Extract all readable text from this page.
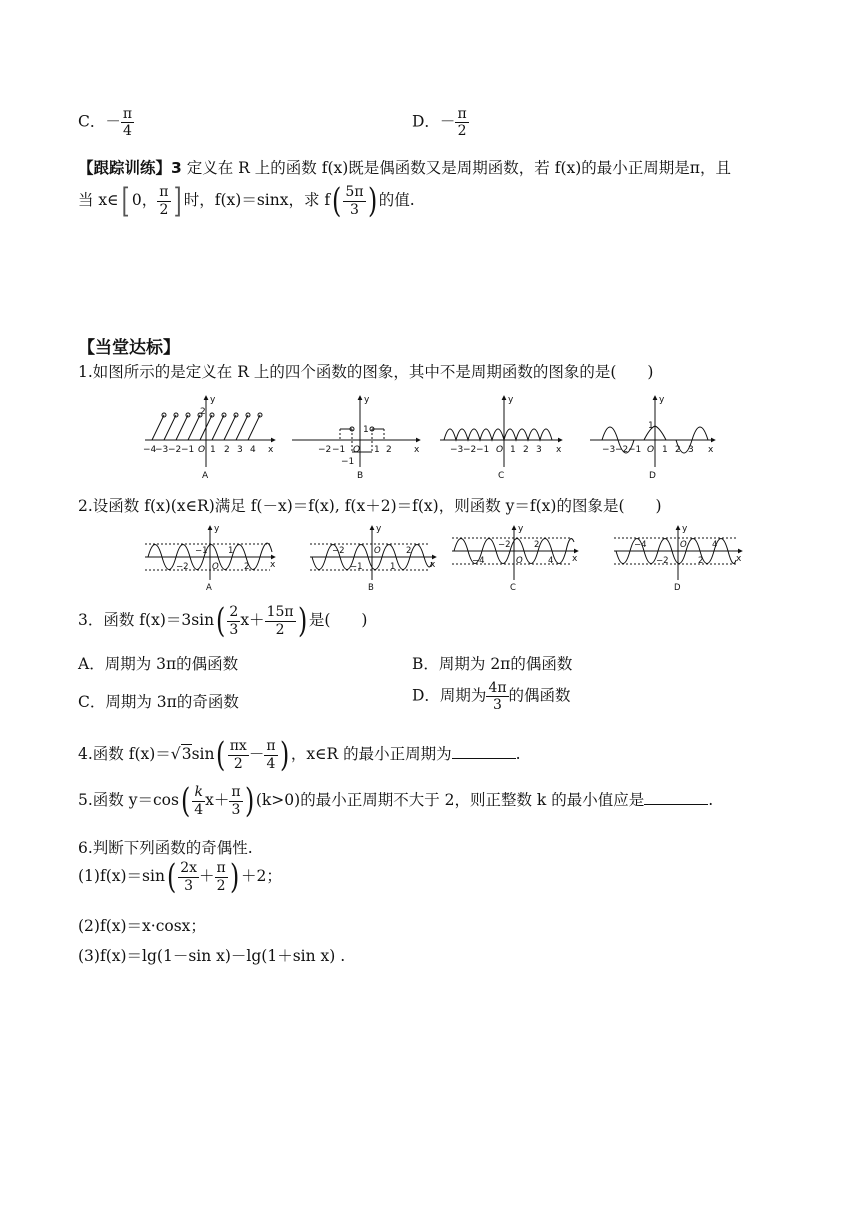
C．－ $\frac{\pi}{4}$	D．－ $\frac{\pi}{2}$
【跟踪训练】3 定义在 R 上的函数 f(x)既是偶函数又是周期函数，若 f(x)的最小正周期是π，且
当 x∈[ 0， $\frac{\pi}{2}$ ] 时，f(x)＝sinx，求 $f( \frac{5\pi}{3}$ ) 的值.
【当堂达标】
1.如图所示的是定义在 R 上的四个函数的图象，其中不是周期函数的图象的是(　　)
x
y
2
−4
−3 −2 −1 O 1 2 3 4
A
x
y
1
−1
−2 −1 O 1 2
B
x
y
−3 −2 −1 O 1 2 3
C
x
y
1
−3 −2 −1 O 1 2 3
D
2.设函数 f(x)(x∈R)满足 f(－x)＝f(x), f(x＋2)＝f(x)，则函数 y＝f(x)的图象是(　　)
x
y
−2
−1
O
1
2
A
x
y
−2
−1
O
1
2
B
x
y
−4
−2
O
2
4
C
x
y
−4
−2
O
2
4
D
3．函数 $f(x)=3\sin( \frac{2}{3} x+ \frac{15\pi}{2}$ ) 是(　　)
A．周期为 3π的偶函数	B．周期为 2π的偶函数
C．周期为 3π的奇函数	D．周期为 $\frac{4\pi}{3}$ 的偶函数
4.函数 $f(x)=√3\sin( \frac{\pi x}{2} - \frac{\pi}{4}$ ) ，x∈R 的最小正周期为	.
5.函数 $y=\cos( \frac{k}{4} x+ \frac{\pi}{3}$ ) (k>0)的最小正周期不大于 2，则正整数 k 的最小值应是	.
6.判断下列函数的奇偶性.
$(1)f(x)=\sin( \frac{2x}{3} + \frac{\pi}{2}$ ) ＋2；
(2)f(x)＝x·cosx；
(3)f(x)＝lg(1－sin x)－lg(1＋sin x) .
